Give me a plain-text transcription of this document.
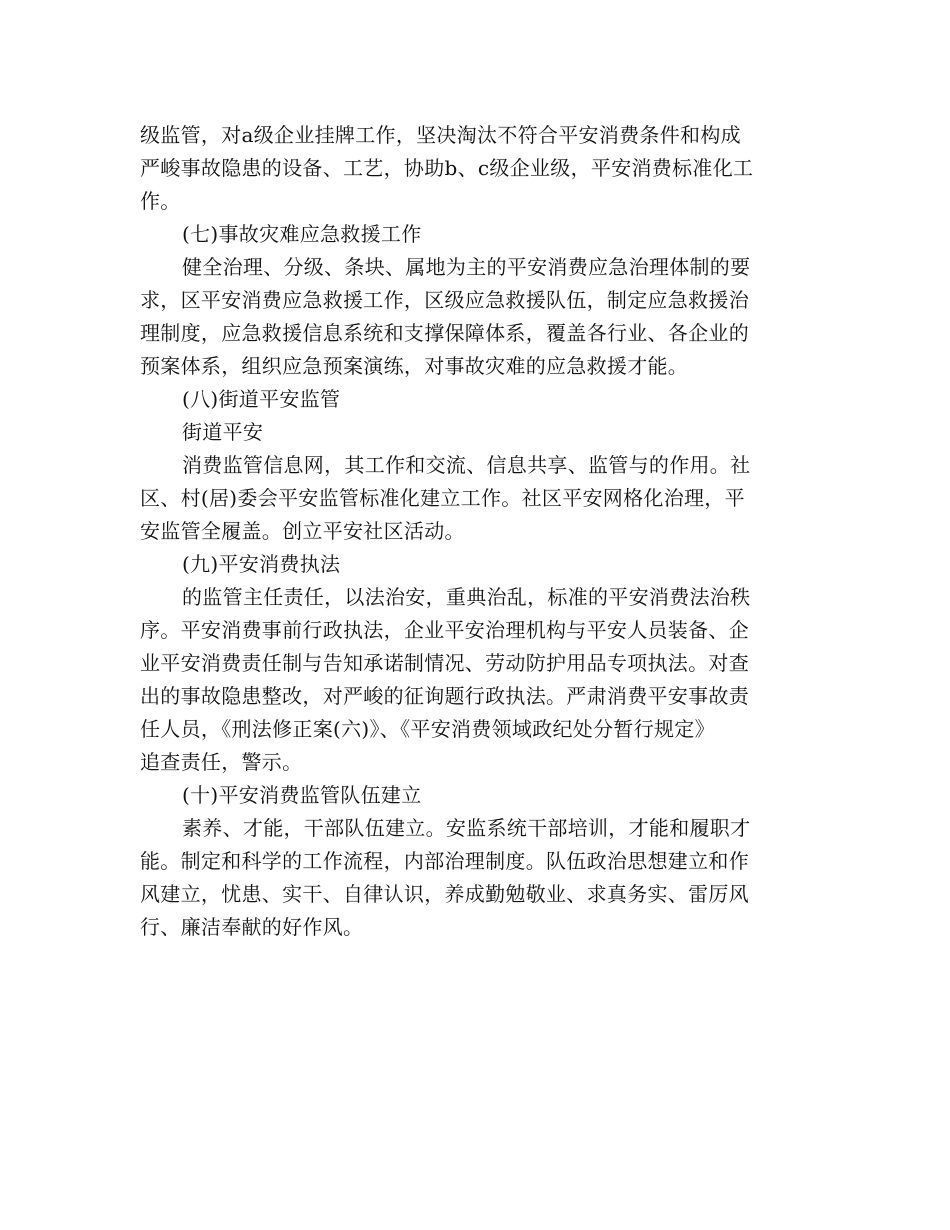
级监管，对a级企业挂牌工作，坚决淘汰不符合平安消费条件和构成
严峻事故隐患的设备、工艺，协助b、c级企业级，平安消费标准化工
作。
(七)事故灾难应急救援工作
健全治理、分级、条块、属地为主的平安消费应急治理体制的要
求，区平安消费应急救援工作，区级应急救援队伍，制定应急救援治
理制度，应急救援信息系统和支撑保障体系，覆盖各行业、各企业的
预案体系，组织应急预案演练，对事故灾难的应急救援才能。
(八)街道平安监管
街道平安
消费监管信息网，其工作和交流、信息共享、监管与的作用。社
区、村(居)委会平安监管标准化建立工作。社区平安网格化治理，平
安监管全履盖。创立平安社区活动。
(九)平安消费执法
的监管主任责任，以法治安，重典治乱，标准的平安消费法治秩
序。平安消费事前行政执法，企业平安治理机构与平安人员装备、企
业平安消费责任制与告知承诺制情况、劳动防护用品专项执法。对查
出的事故隐患整改，对严峻的征询题行政执法。严肃消费平安事故责
任人员，《刑法修正案(六)》、《平安消费领域政纪处分暂行规定》
追查责任，警示。
(十)平安消费监管队伍建立
素养、才能，干部队伍建立。安监系统干部培训，才能和履职才
能。制定和科学的工作流程，内部治理制度。队伍政治思想建立和作
风建立，忧患、实干、自律认识，养成勤勉敬业、求真务实、雷厉风
行、廉洁奉献的好作风。
